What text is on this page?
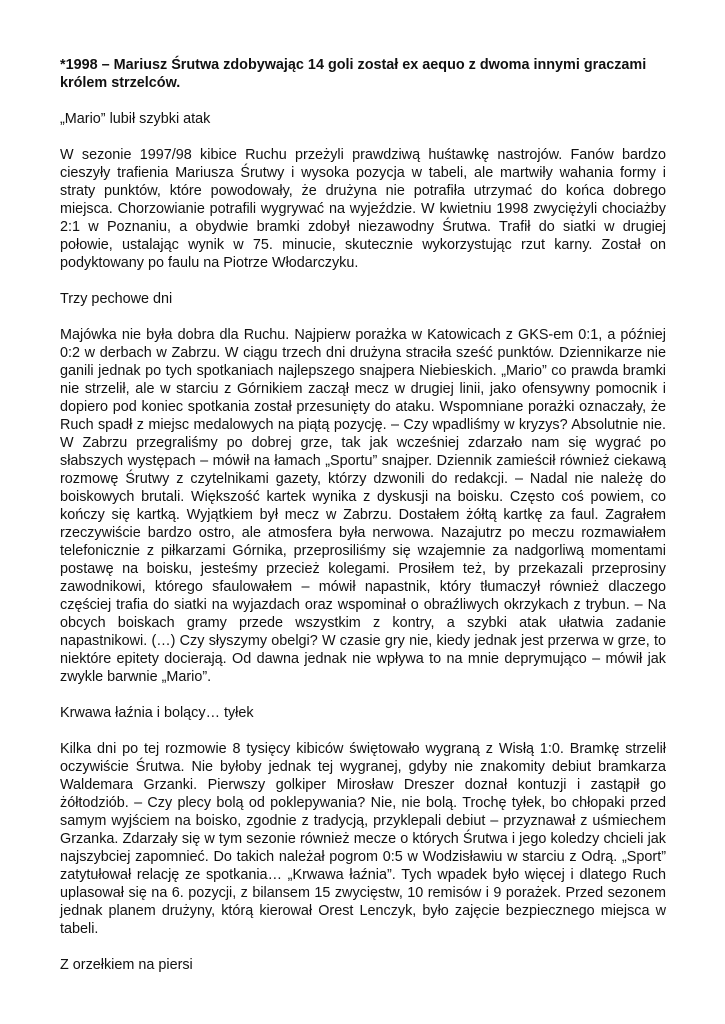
*1998 – Mariusz Śrutwa zdobywając 14 goli został ex aequo z dwoma innymi graczami królem strzelców.

„Mario” lubił szybki atak

W sezonie 1997/98 kibice Ruchu przeżyli prawdziwą huśtawkę nastrojów. Fanów bardzo cieszyły trafienia Mariusza Śrutwy i wysoka pozycja w tabeli, ale martwiły wahania formy i straty punktów, które powodowały, że drużyna nie potrafiła utrzymać do końca dobrego miejsca. Chorzowianie potrafili wygrywać na wyjeździe. W kwietniu 1998 zwyciężyli chociażby 2:1 w Poznaniu, a obydwie bramki zdobył niezawodny Śrutwa. Trafił do siatki w drugiej połowie, ustalając wynik w 75. minucie, skutecznie wykorzystując rzut karny. Został on podyktowany po faulu na Piotrze Włodarczyku.

Trzy pechowe dni

Majówka nie była dobra dla Ruchu. Najpierw porażka w Katowicach z GKS-em 0:1, a później 0:2 w derbach w Zabrzu. W ciągu trzech dni drużyna straciła sześć punktów. Dziennikarze nie ganili jednak po tych spotkaniach najlepszego snajpera Niebieskich. „Mario” co prawda bramki nie strzelił, ale w starciu z Górnikiem zaczął mecz w drugiej linii, jako ofensywny pomocnik i dopiero pod koniec spotkania został przesunięty do ataku. Wspomniane porażki oznaczały, że Ruch spadł z miejsc medalowych na piątą pozycję. – Czy wpadliśmy w kryzys? Absolutnie nie. W Zabrzu przegraliśmy po dobrej grze, tak jak wcześniej zdarzało nam się wygrać po słabszych występach – mówił na łamach „Sportu” snajper. Dziennik zamieścił również ciekawą rozmowę Śrutwy z czytelnikami gazety, którzy dzwonili do redakcji. – Nadal nie należę do boiskowych brutali. Większość kartek wynika z dyskusji na boisku. Często coś powiem, co kończy się kartką. Wyjątkiem był mecz w Zabrzu. Dostałem żółtą kartkę za faul. Zagrałem rzeczywiście bardzo ostro, ale atmosfera była nerwowa. Nazajutrz po meczu rozmawiałem telefonicznie z piłkarzami Górnika, przeprosiliśmy się wzajemnie za nadgorliwą momentami postawę na boisku, jesteśmy przecież kolegami. Prosiłem też, by przekazali przeprosiny zawodnikowi, którego sfaulowałem – mówił napastnik, który tłumaczył również dlaczego częściej trafia do siatki na wyjazdach oraz wspominał o obraźliwych okrzykach z trybun. – Na obcych boiskach gramy przede wszystkim z kontry, a szybki atak ułatwia zadanie napastnikowi. (…) Czy słyszymy obelgi? W czasie gry nie, kiedy jednak jest przerwa w grze, to niektóre epitety docierają. Od dawna jednak nie wpływa to na mnie deprymująco – mówił jak zwykle barwnie „Mario”.

Krwawa łaźnia i bolący… tyłek

Kilka dni po tej rozmowie 8 tysięcy kibiców świętowało wygraną z Wisłą 1:0. Bramkę strzelił oczywiście Śrutwa. Nie byłoby jednak tej wygranej, gdyby nie znakomity debiut bramkarza Waldemara Grzanki. Pierwszy golkiper Mirosław Dreszer doznał kontuzji i zastąpił go żółtodziób. – Czy plecy bolą od poklepywania? Nie, nie bolą. Trochę tyłek, bo chłopaki przed samym wyjściem na boisko, zgodnie z tradycją, przyklepali debiut – przyznawał z uśmiechem Grzanka. Zdarzały się w tym sezonie również mecze o których Śrutwa i jego koledzy chcieli jak najszybciej zapomnieć. Do takich należał pogrom 0:5 w Wodzisławiu w starciu z Odrą. „Sport” zatytułował relację ze spotkania… „Krwawa łaźnia”. Tych wpadek było więcej i dlatego Ruch uplasował się na 6. pozycji, z bilansem 15 zwycięstw, 10 remisów i 9 porażek. Przed sezonem jednak planem drużyny, którą kierował Orest Lenczyk, było zajęcie bezpiecznego miejsca w tabeli.

Z orzełkiem na piersi
